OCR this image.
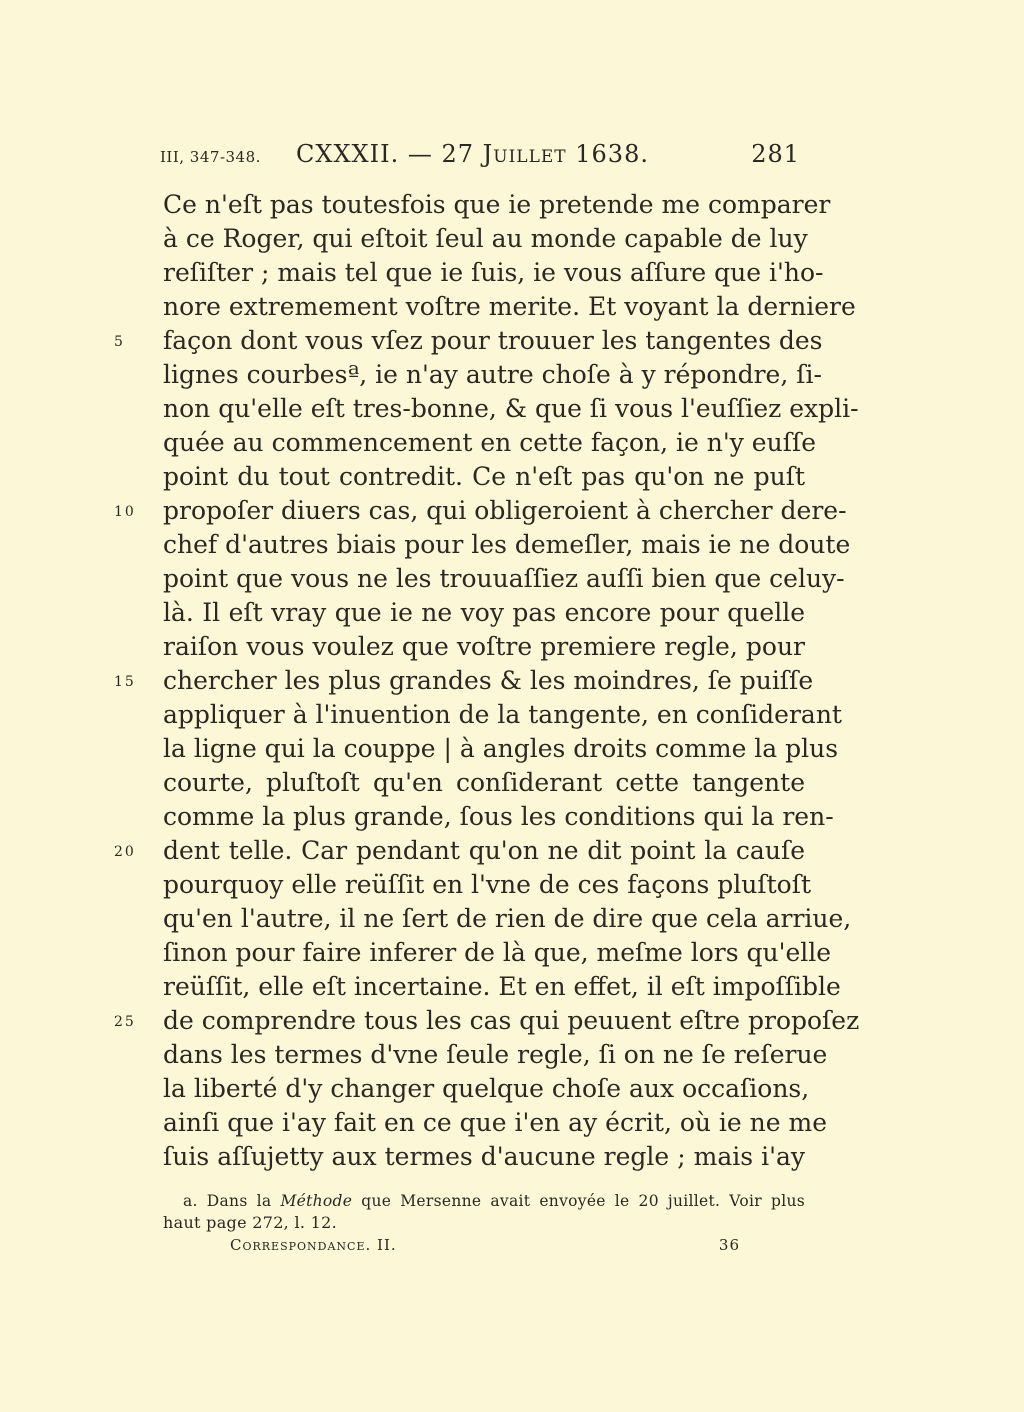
III, 347-348. CXXXII. — 27 Juillet 1638.	281
Ce n'eſt pas toutesfois que ie pretende me comparer
à ce Roger, qui eſtoit ſeul au monde capable de luy
reſiſter ; mais tel que ie ſuis, ie vous aſſure que i'ho-
nore extremement voſtre merite. Et voyant la derniere
5 façon dont vous vſez pour trouuer les tangentes des
lignes courbesª, ie n'ay autre choſe à y répondre, ſi-
non qu'elle eſt tres-bonne, & que ſi vous l'euſſiez expli-
quée au commencement en cette façon, ie n'y euſſe
point du tout contredit. Ce n'eſt pas qu'on ne puſt
10 propoſer diuers cas, qui obligeroient à chercher dere-
chef d'autres biais pour les demeſler, mais ie ne doute
point que vous ne les trouuaſſiez auſſi bien que celuy-
là. Il eſt vray que ie ne voy pas encore pour quelle
raiſon vous voulez que voſtre premiere regle, pour
15 chercher les plus grandes & les moindres, ſe puiſſe
appliquer à l'inuention de la tangente, en conſiderant
la ligne qui la couppe | à angles droits comme la plus
courte, pluſtoſt qu'en conſiderant cette tangente
comme la plus grande, ſous les conditions qui la ren-
20 dent telle. Car pendant qu'on ne dit point la cauſe
pourquoy elle reüſſit en l'vne de ces façons pluſtoſt
qu'en l'autre, il ne ſert de rien de dire que cela arriue,
ſinon pour faire inferer de là que, meſme lors qu'elle
reüſſit, elle eſt incertaine. Et en effet, il eſt impoſſible
25 de comprendre tous les cas qui peuuent eſtre propoſez
dans les termes d'vne ſeule regle, ſi on ne ſe reſerue
la liberté d'y changer quelque choſe aux occaſions,
ainſi que i'ay fait en ce que i'en ay écrit, où ie ne me
ſuis aſſujetty aux termes d'aucune regle ; mais i'ay
a. Dans la Méthode que Mersenne avait envoyée le 20 juillet. Voir plus
haut page 272, l. 12.
Correspondance. II.	36
